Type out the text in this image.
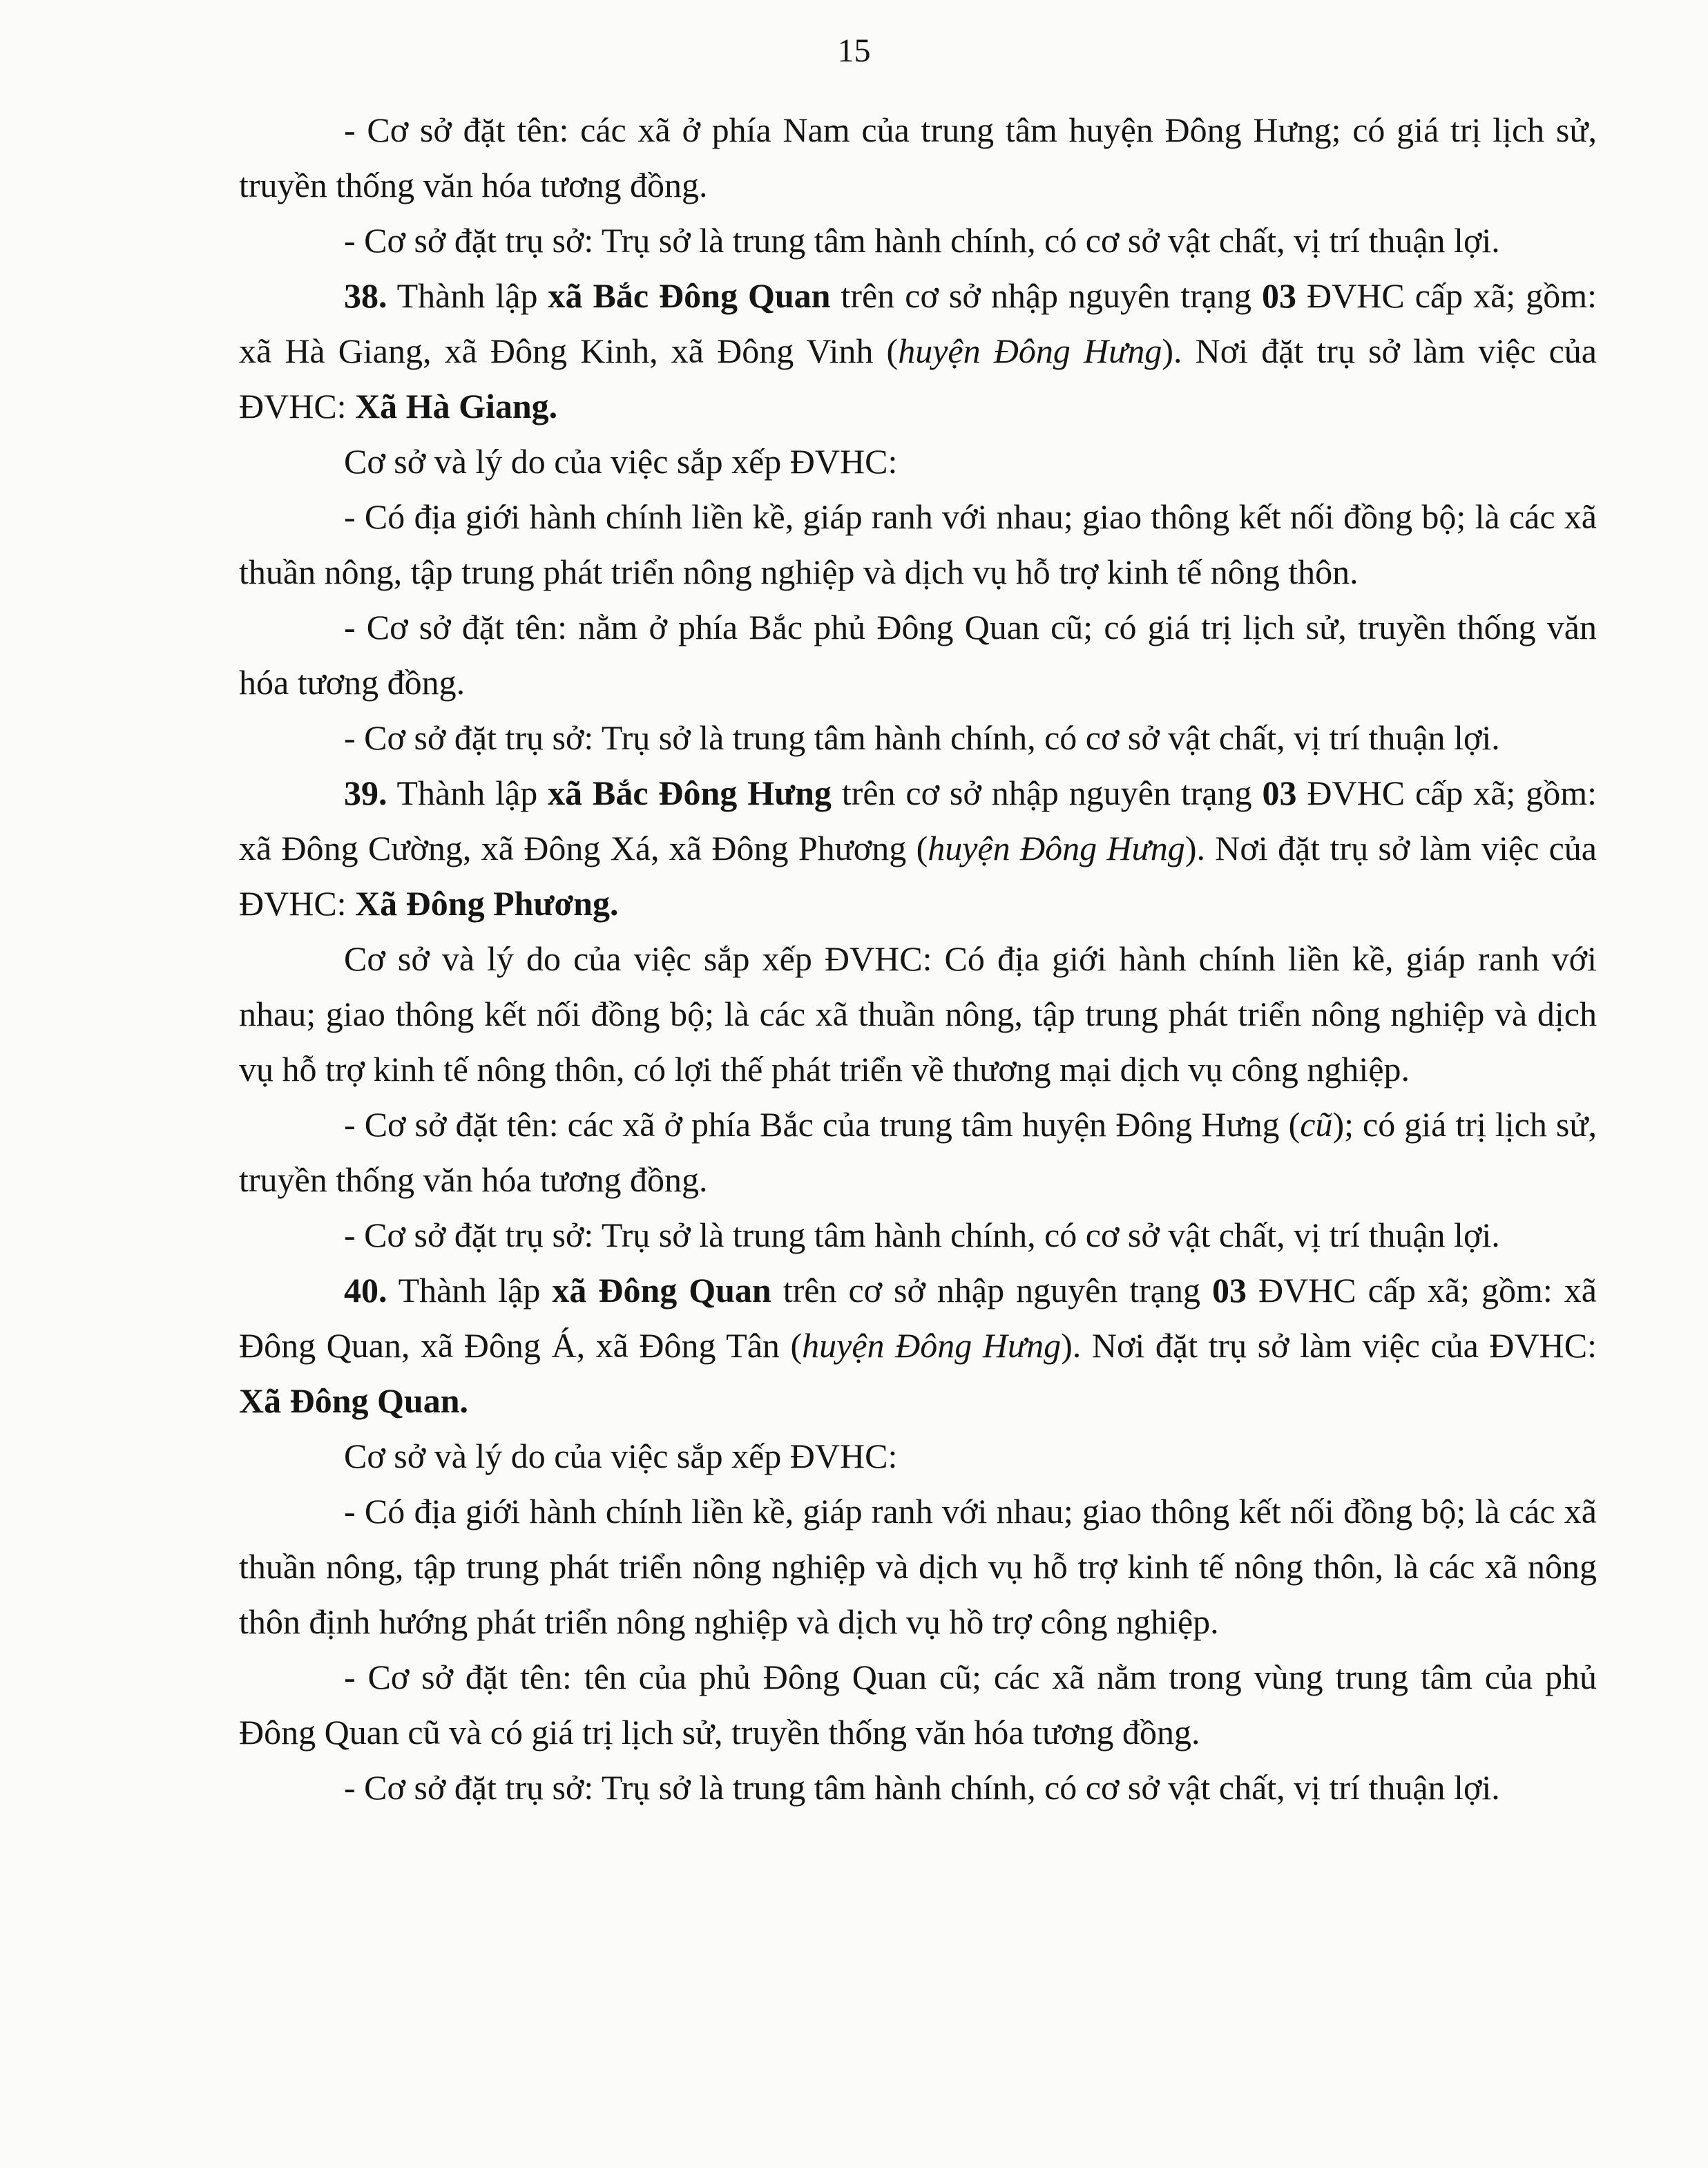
15

- Cơ sở đặt tên: các xã ở phía Nam của trung tâm huyện Đông Hưng; có giá trị lịch sử, truyền thống văn hóa tương đồng.

- Cơ sở đặt trụ sở: Trụ sở là trung tâm hành chính, có cơ sở vật chất, vị trí thuận lợi.

38. Thành lập xã Bắc Đông Quan trên cơ sở nhập nguyên trạng 03 ĐVHC cấp xã; gồm: xã Hà Giang, xã Đông Kinh, xã Đông Vinh (huyện Đông Hưng). Nơi đặt trụ sở làm việc của ĐVHC: Xã Hà Giang.

Cơ sở và lý do của việc sắp xếp ĐVHC:

- Có địa giới hành chính liền kề, giáp ranh với nhau; giao thông kết nối đồng bộ; là các xã thuần nông, tập trung phát triển nông nghiệp và dịch vụ hỗ trợ kinh tế nông thôn.

- Cơ sở đặt tên: nằm ở phía Bắc phủ Đông Quan cũ; có giá trị lịch sử, truyền thống văn hóa tương đồng.

- Cơ sở đặt trụ sở: Trụ sở là trung tâm hành chính, có cơ sở vật chất, vị trí thuận lợi.

39. Thành lập xã Bắc Đông Hưng trên cơ sở nhập nguyên trạng 03 ĐVHC cấp xã; gồm: xã Đông Cường, xã Đông Xá, xã Đông Phương (huyện Đông Hưng). Nơi đặt trụ sở làm việc của ĐVHC: Xã Đông Phương.

Cơ sở và lý do của việc sắp xếp ĐVHC: Có địa giới hành chính liền kề, giáp ranh với nhau; giao thông kết nối đồng bộ; là các xã thuần nông, tập trung phát triển nông nghiệp và dịch vụ hỗ trợ kinh tế nông thôn, có lợi thế phát triển về thương mại dịch vụ công nghiệp.

- Cơ sở đặt tên: các xã ở phía Bắc của trung tâm huyện Đông Hưng (cũ); có giá trị lịch sử, truyền thống văn hóa tương đồng.

- Cơ sở đặt trụ sở: Trụ sở là trung tâm hành chính, có cơ sở vật chất, vị trí thuận lợi.

40. Thành lập xã Đông Quan trên cơ sở nhập nguyên trạng 03 ĐVHC cấp xã; gồm: xã Đông Quan, xã Đông Á, xã Đông Tân (huyện Đông Hưng). Nơi đặt trụ sở làm việc của ĐVHC: Xã Đông Quan.

Cơ sở và lý do của việc sắp xếp ĐVHC:

- Có địa giới hành chính liền kề, giáp ranh với nhau; giao thông kết nối đồng bộ; là các xã thuần nông, tập trung phát triển nông nghiệp và dịch vụ hỗ trợ kinh tế nông thôn, là các xã nông thôn định hướng phát triển nông nghiệp và dịch vụ hồ trợ công nghiệp.

- Cơ sở đặt tên: tên của phủ Đông Quan cũ; các xã nằm trong vùng trung tâm của phủ Đông Quan cũ và có giá trị lịch sử, truyền thống văn hóa tương đồng.

- Cơ sở đặt trụ sở: Trụ sở là trung tâm hành chính, có cơ sở vật chất, vị trí thuận lợi.
